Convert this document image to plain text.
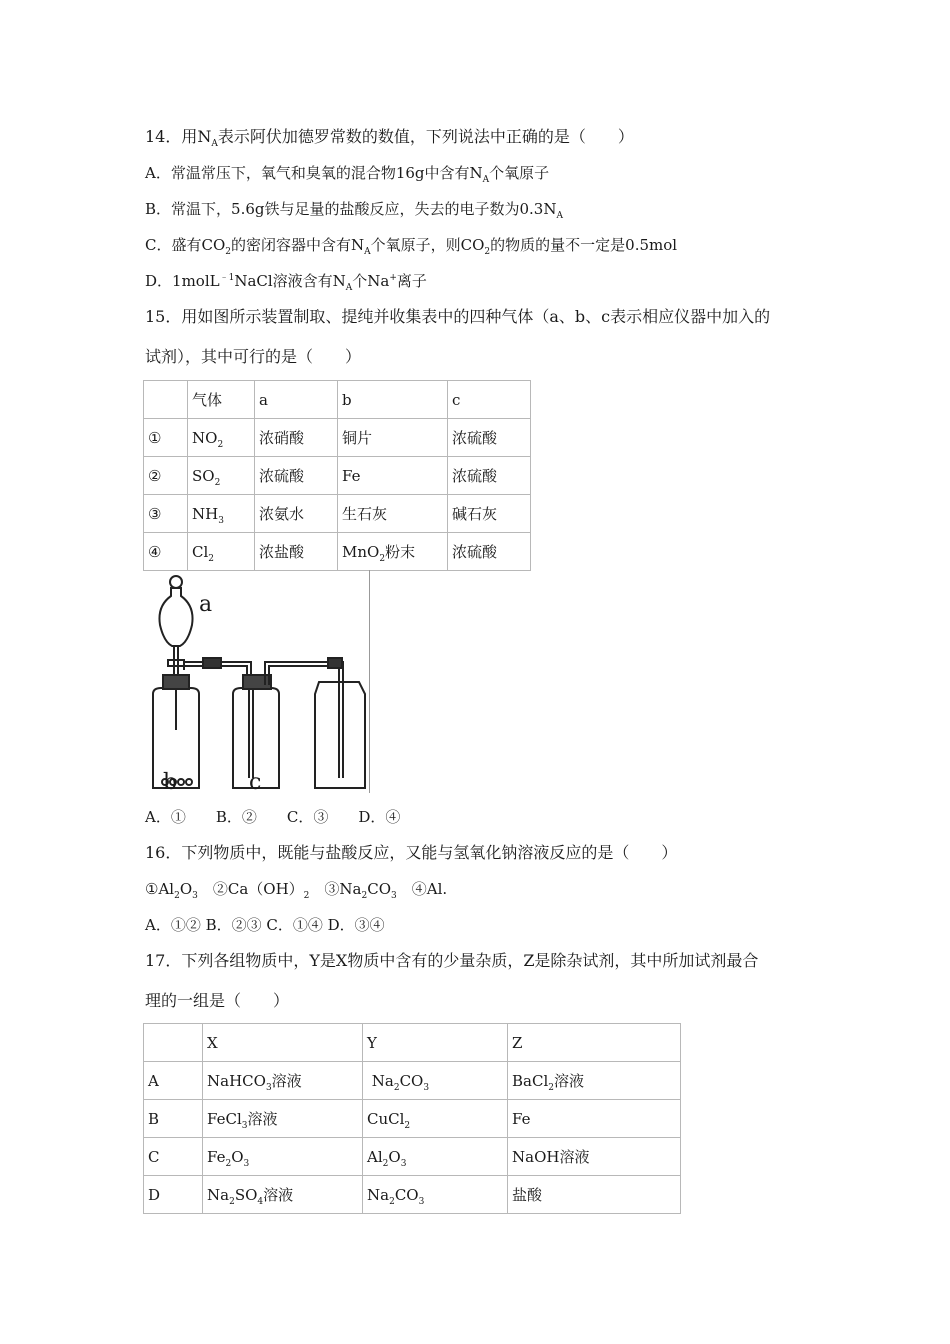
14．用$N_A$表示阿伏加德罗常数的数值，下列说法中正确的是（　　）
A．常温常压下，氧气和臭氧的混合物16g中含有$N_A$个氧原子
B．常温下，5.6g铁与足量的盐酸反应，失去的电子数为$0.3N_A$
C．盛有$CO_2$的密闭容器中含有$N_A$个氧原子，则$CO_2$的物质的量不一定是0.5mol
D．1molL$^{﹣1}$NaCl溶液含有$N_A$个Na+离子
15．用如图所示装置制取、提纯并收集表中的四种气体（a、b、c表示相应仪器中加入的
试剂），其中可行的是（　　）
	气体	a	b	c
①	$NO_2$	浓硝酸	铜片	浓硫酸
②	$SO_2$	浓硫酸	Fe	浓硫酸
③	$NH_3$	浓氨水	生石灰	碱石灰
④	$Cl_2$	浓盐酸	MnO$_2$粉末	浓硫酸
a
b	c
A．①　　B．②　　C．③　　D．④
16．下列物质中，既能与盐酸反应，又能与氢氧化钠溶液反应的是（　　）
$①Al_2O_3$　$②Ca(OH)_2$　$③Na_2CO_3$　④Al.
A．①② B．②③ C．①④ D．③④
17．下列各组物质中，Y是X物质中含有的少量杂质，Z是除杂试剂，其中所加试剂最合
理的一组是（　　）
	X	Y	Z
A	NaHCO$_3$溶液	$Na_2CO_3$	BaCl$_2$溶液
B	FeCl$_3$溶液	CuCl$_2$	Fe
C	$Fe_2O_3$	$Al_2O_3$	NaOH溶液
D	$Na_2SO_4$溶液	$Na_2CO_3$	盐酸
